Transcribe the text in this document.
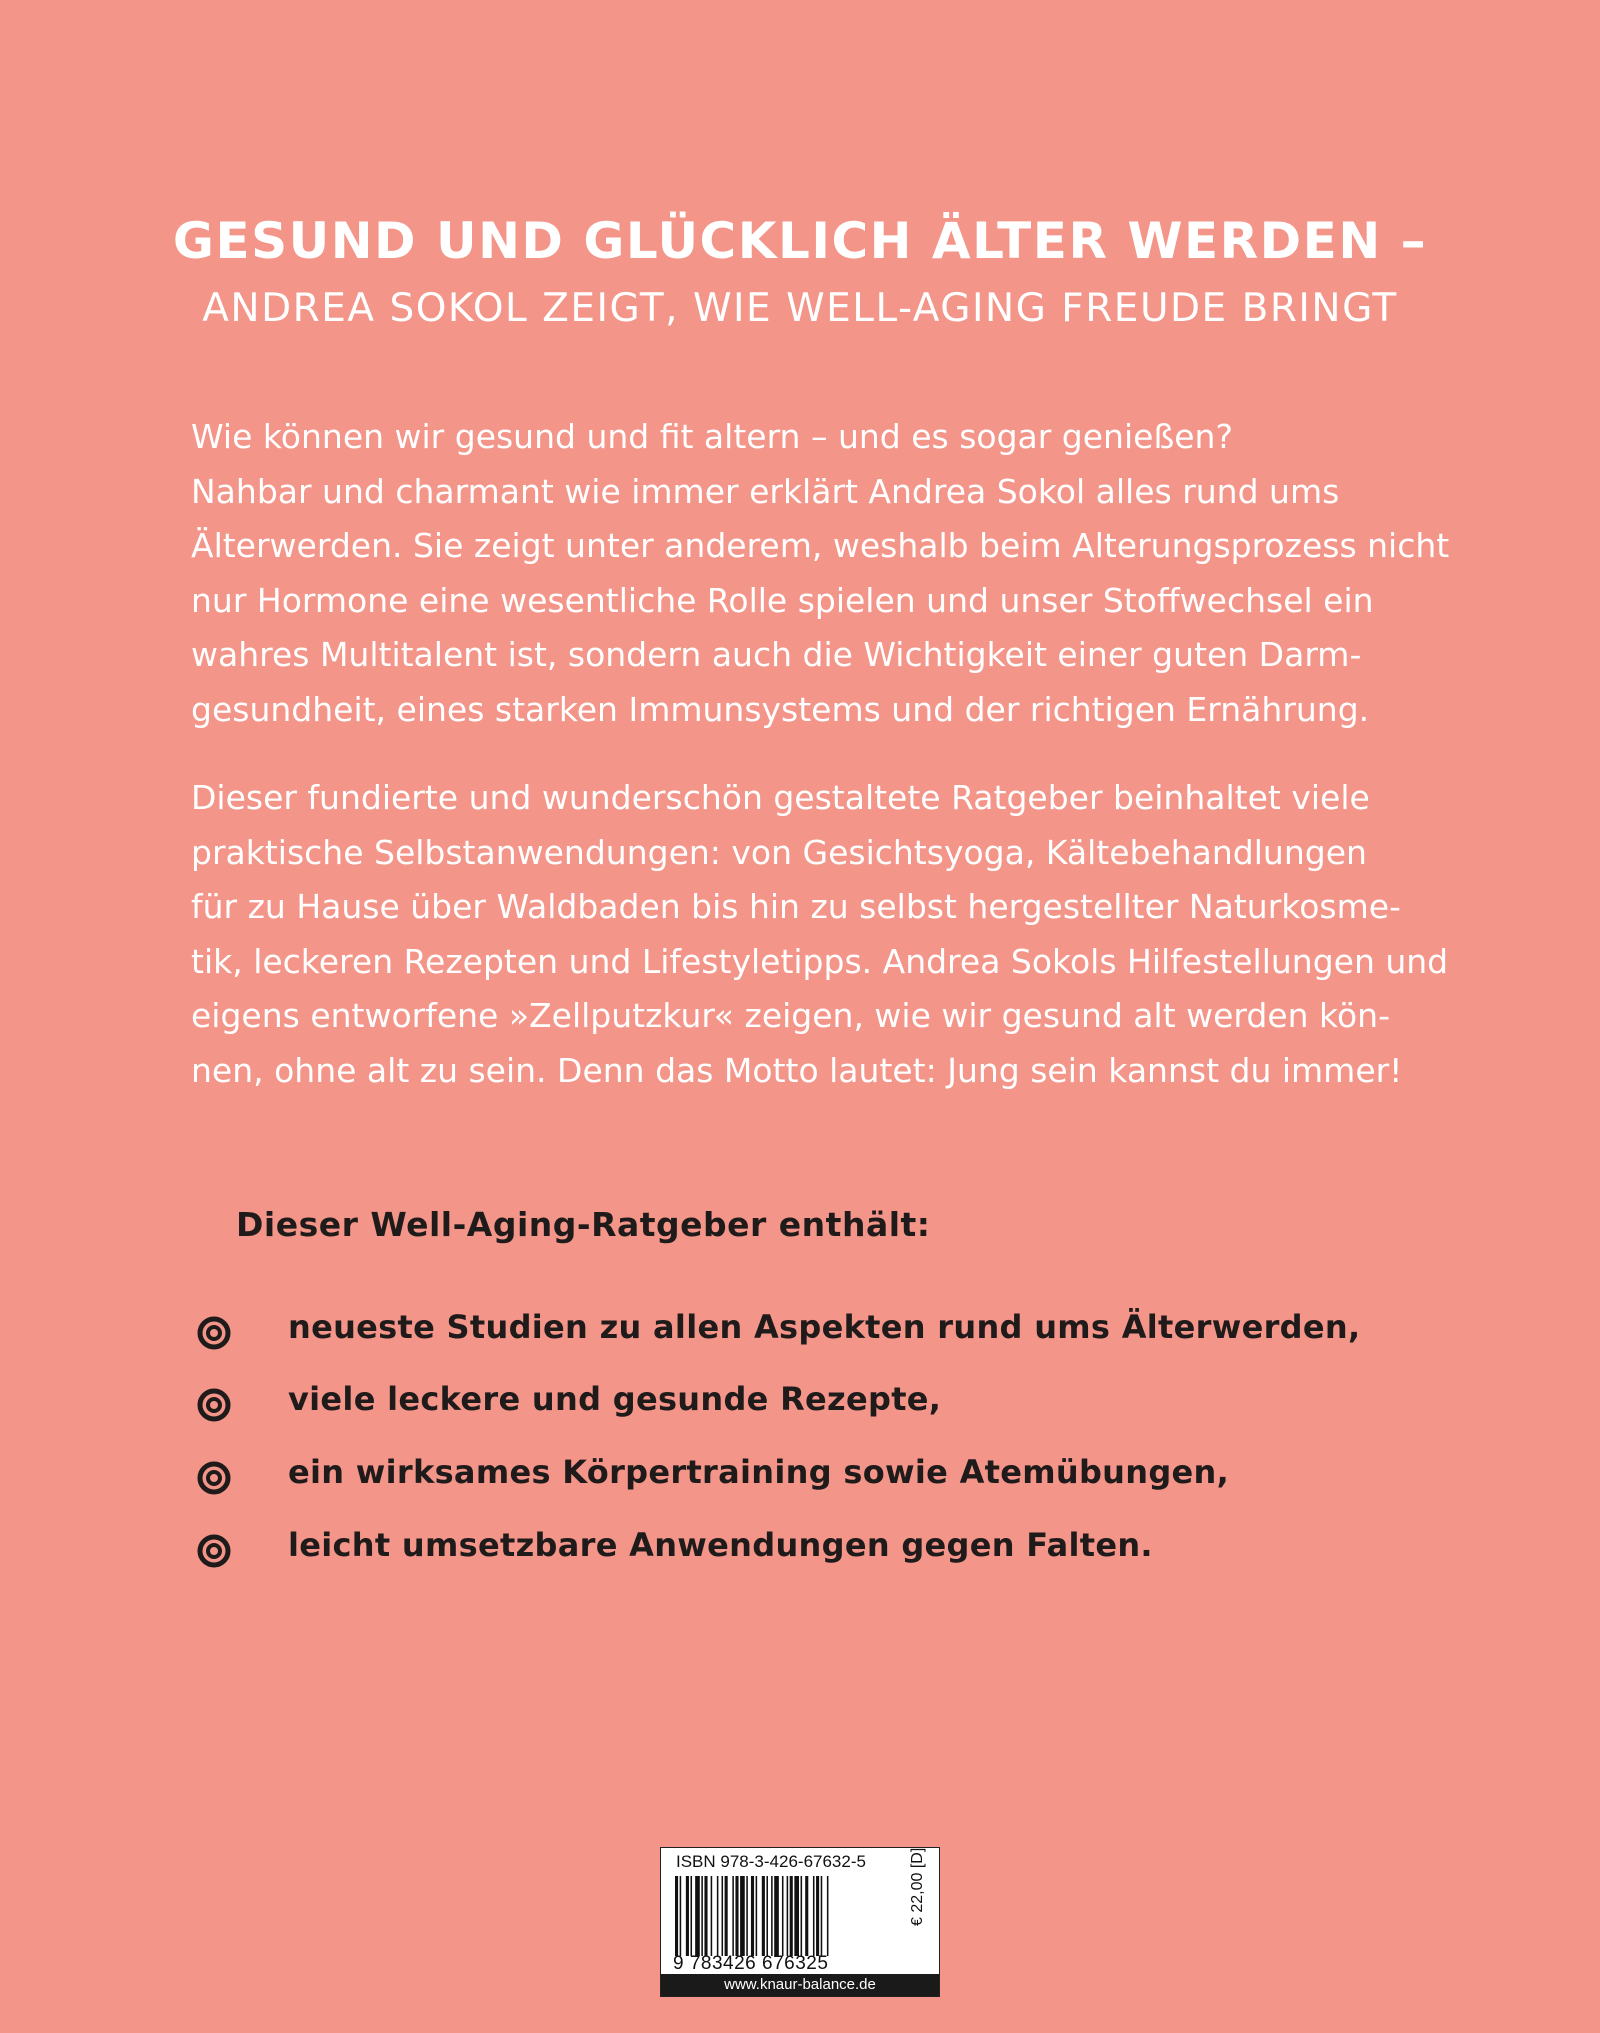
GESUND UND GLÜCKLICH ÄLTER WERDEN –
ANDREA SOKOL ZEIGT, WIE WELL-AGING FREUDE BRINGT

Wie können wir gesund und fit altern – und es sogar genießen?
Nahbar und charmant wie immer erklärt Andrea Sokol alles rund ums
Älterwerden. Sie zeigt unter anderem, weshalb beim Alterungsprozess nicht
nur Hormone eine wesentliche Rolle spielen und unser Stoffwechsel ein
wahres Multitalent ist, sondern auch die Wichtigkeit einer guten Darm-
gesundheit, eines starken Immunsystems und der richtigen Ernährung.

Dieser fundierte und wunderschön gestaltete Ratgeber beinhaltet viele
praktische Selbstanwendungen: von Gesichtsyoga, Kältebehandlungen
für zu Hause über Waldbaden bis hin zu selbst hergestellter Naturkosme-
tik, leckeren Rezepten und Lifestyletipps. Andrea Sokols Hilfestellungen und
eigens entworfene »Zellputzkur« zeigen, wie wir gesund alt werden kön-
nen, ohne alt zu sein. Denn das Motto lautet: Jung sein kannst du immer!

Dieser Well-Aging-Ratgeber enthält:
neueste Studien zu allen Aspekten rund ums Älterwerden,
viele leckere und gesunde Rezepte,
ein wirksames Körpertraining sowie Atemübungen,
leicht umsetzbare Anwendungen gegen Falten.
ISBN 978-3-426-67632-5
9 783426 676325
€ 22,00 [D]
www.knaur-balance.de
